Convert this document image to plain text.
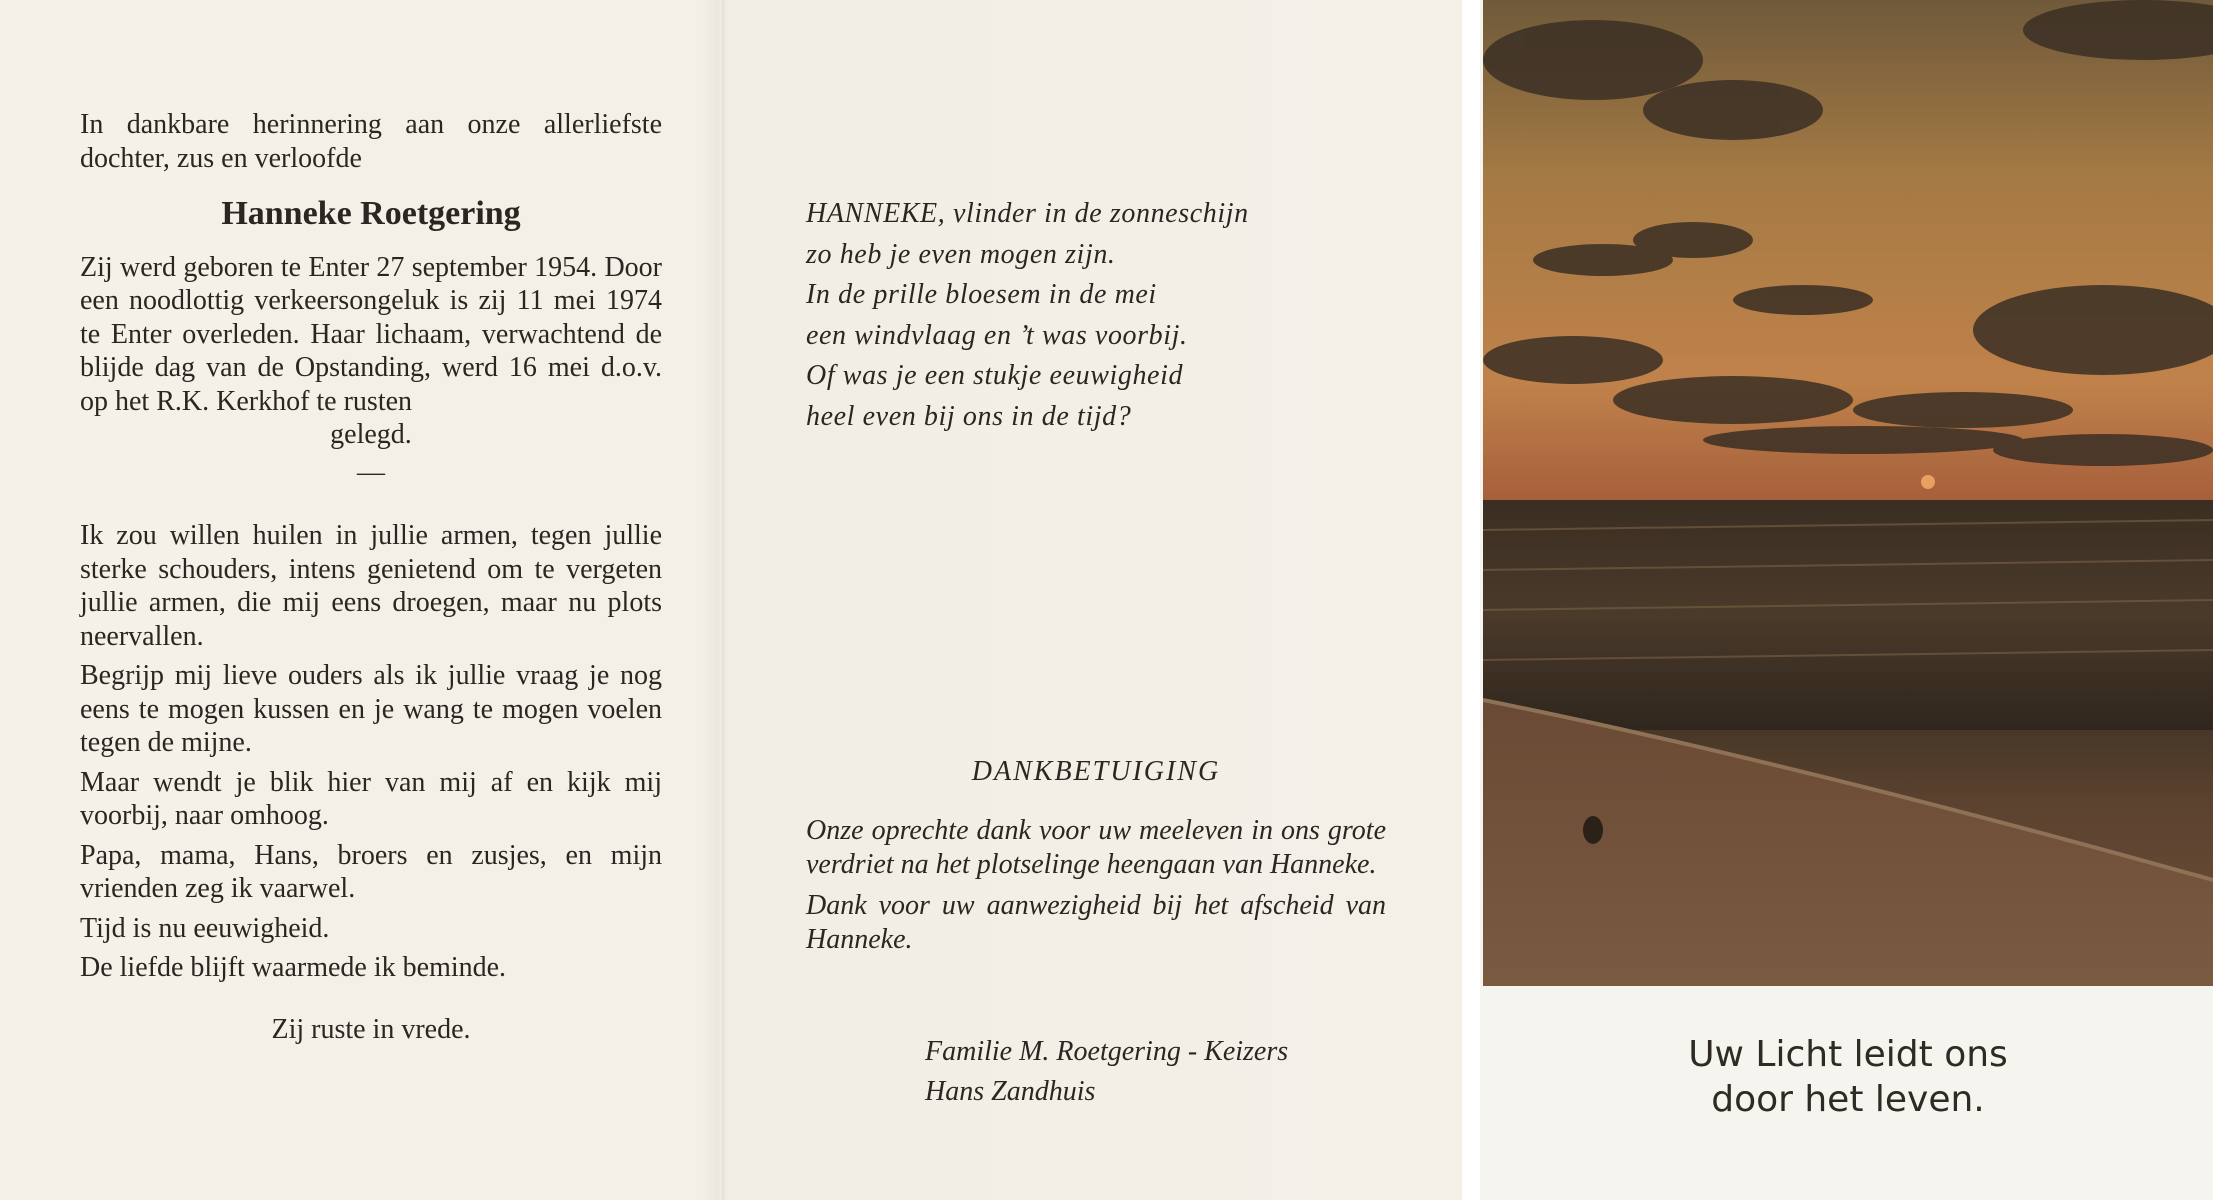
In dankbare herinnering aan onze allerliefste dochter, zus en verloofde

Hanneke Roetgering

Zij werd geboren te Enter 27 september 1954. Door een noodlottig verkeersongeluk is zij 11 mei 1974 te Enter overleden. Haar lichaam, verwachtend de blijde dag van de Opstanding, werd 16 mei d.o.v. op het R.K. Kerkhof te rusten

gelegd.

—

Ik zou willen huilen in jullie armen, tegen jullie sterke schouders, intens genietend om te vergeten jullie armen, die mij eens droegen, maar nu plots neervallen.

Begrijp mij lieve ouders als ik jullie vraag je nog eens te mogen kussen en je wang te mogen voelen tegen de mijne.

Maar wendt je blik hier van mij af en kijk mij voorbij, naar omhoog.

Papa, mama, Hans, broers en zusjes, en mijn vrienden zeg ik vaarwel.

Tijd is nu eeuwigheid.

De liefde blijft waarmede ik beminde.

Zij ruste in vrede.

HANNEKE, vlinder in de zonneschijn
zo heb je even mogen zijn.
In de prille bloesem in de mei
een windvlaag en ’t was voorbij.
Of was je een stukje eeuwigheid
heel even bij ons in de tijd?
DANKBETUIGING

Onze oprechte dank voor uw meeleven in ons grote verdriet na het plotselinge heengaan van Hanneke.

Dank voor uw aanwezigheid bij het afscheid van Hanneke.

Familie M. Roetgering - Keizers
Hans Zandhuis
Uw Licht leidt ons
door het leven.
